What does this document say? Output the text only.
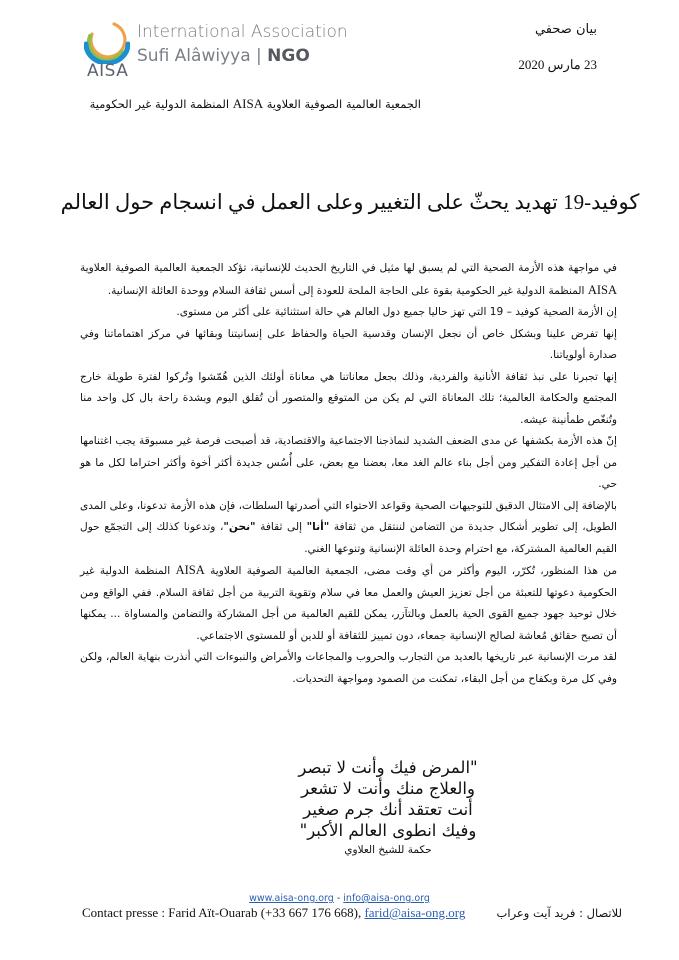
AISA
International Association
Sufi Alâwiyya | NGO
بيان صحفي
23 مارس 2020
الجمعية العالمية الصوفية العلاوية AISA المنظمة الدولية غير الحكومية
كوفيد-19 تهديد يحثّ على التغيير وعلى العمل في انسجام حول العالم

في مواجهة هذه الأزمة الصحية التي لم يسبق لها مثيل في التاريخ الحديث للإنسانية، تؤكد الجمعية العالمية الصوفية العلاوية AISA المنظمة الدولية غير الحكومية بقوة على الحاجة الملحة للعودة إلى أسس ثقافة السلام ووحدة العائلة الإنسانية.

إن الأزمة الصحية كوفيد – 19 التي تهز حاليا جميع دول العالم هي حالة استثنائية على أكثر من مستوى.

إنها تفرض علينا وبشكل خاص أن نجعل الإنسان وقدسية الحياة والحفاظ على إنسانيتنا وبقائها في مركز اهتماماتنا وفي صدارة أولوياتنا.

إنها تجبرنا على نبذ ثقافة الأنانية والفردية، وذلك بجعل معاناتنا هي معاناة أولئك الذين هُمّشوا وتُركوا لفترة طويلة خارج المجتمع والحكامة العالمية؛ تلك المعاناة التي لم يكن من المتوقع والمتصور أن تُقلق اليوم وبشدة راحة بال كل واحد منا وتُنغّص طمأنينة عيشه.

إنّ هذه الأزمة بكشفها عن مدى الضعف الشديد لنماذجنا الاجتماعية والاقتصادية، قد أصبحت فرصة غير مسبوقة يجب اغتنامها من أجل إعادة التفكير ومن أجل بناء عالم الغد معا، بعضنا مع بعض، على أُسُس جديدة أكثر أخوة وأكثر احتراما لكل ما هو حي.

بالإضافة إلى الامتثال الدقيق للتوجيهات الصحية وقواعد الاحتواء التي أصدرتها السلطات، فإن هذه الأزمة تدعونا، وعلى المدى الطويل، إلى تطوير أشكال جديدة من التضامن لننتقل من ثقافة "أنا" إلى ثقافة "نحن"، وتدعونا كذلك إلى التجمّع حول القيم العالمية المشتركة، مع احترام وحدة العائلة الإنسانية وتنوعها الغني.

من هذا المنظور، تُكرّر، اليوم وأكثر من أي وقت مضى، الجمعية العالمية الصوفية العلاوية AISA المنظمة الدولية غير الحكومية دعوتها للتعبئة من أجل تعزيز العيش والعمل معا في سلام وتقوية التربية من أجل ثقافة السلام. ففي الواقع ومن خلال توحيد جهود جميع القوى الحية بالعمل وبالتآزر، يمكن للقيم العالمية من أجل المشاركة والتضامن والمساواة ... يمكنها أن تصبح حقائق مُعاشة لصالح الإنسانية جمعاء، دون تمييز للثقافة أو للدين أو للمستوى الاجتماعي.

لقد مرت الإنسانية عبر تاريخها بالعديد من التجارب والحروب والمجاعات والأمراض والنبوءات التي أنذرت بنهاية العالم، ولكن وفي كل مرة وبكفاح من أجل البقاء، تمكنت من الصمود ومواجهة التحديات.

"المرض فيك وأنت لا تبصر
والعلاج منك وأنت لا تشعر
أنت تعتقد أنك جرم صغير
وفيك انطوى العالم الأكبر"
حكمة للشيخ العلاوي
www.aisa-ong.org - info@aisa-ong.org
Contact presse : Farid Aït-Ouarab (+33 667 176 668), farid@aisa-ong.org	للاتصال : فريد آيت وعراب
